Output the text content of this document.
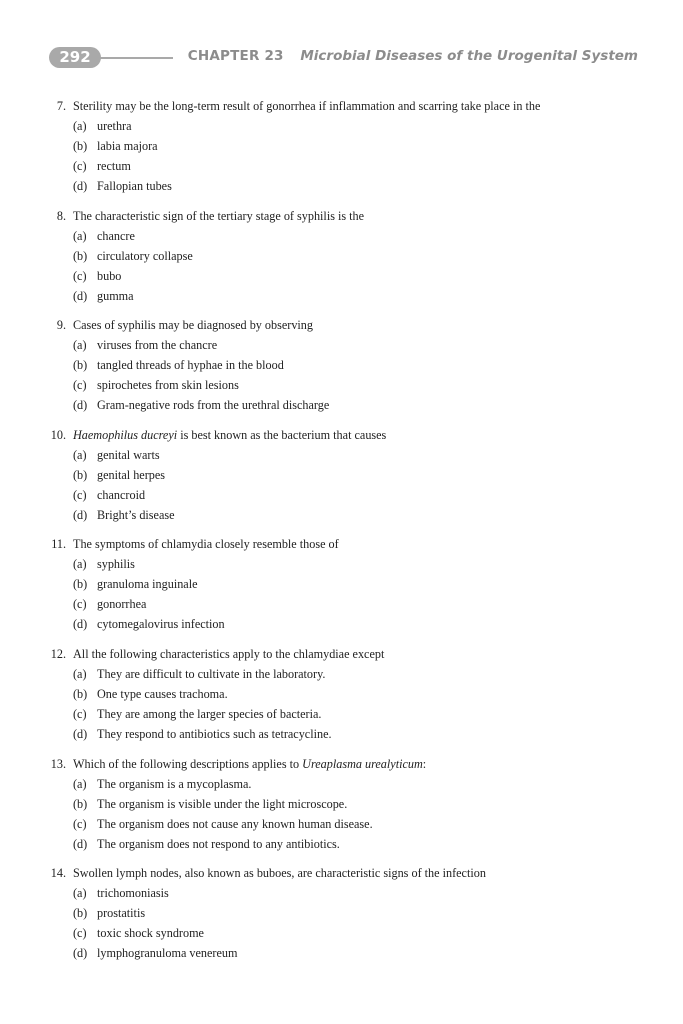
292	CHAPTER 23 Microbial Diseases of the Urogenital System
7. Sterility may be the long-term result of gonorrhea if inflammation and scarring take place in the
(a) urethra
(b) labia majora
(c) rectum
(d) Fallopian tubes
8. The characteristic sign of the tertiary stage of syphilis is the
(a) chancre
(b) circulatory collapse
(c) bubo
(d) gumma
9. Cases of syphilis may be diagnosed by observing
(a) viruses from the chancre
(b) tangled threads of hyphae in the blood
(c) spirochetes from skin lesions
(d) Gram-negative rods from the urethral discharge
10. Haemophilus ducreyi is best known as the bacterium that causes
(a) genital warts
(b) genital herpes
(c) chancroid
(d) Bright’s disease
11. The symptoms of chlamydia closely resemble those of
(a) syphilis
(b) granuloma inguinale
(c) gonorrhea
(d) cytomegalovirus infection
12. All the following characteristics apply to the chlamydiae except
(a) They are difficult to cultivate in the laboratory.
(b) One type causes trachoma.
(c) They are among the larger species of bacteria.
(d) They respond to antibiotics such as tetracycline.
13. Which of the following descriptions applies to Ureaplasma urealyticum:
(a) The organism is a mycoplasma.
(b) The organism is visible under the light microscope.
(c) The organism does not cause any known human disease.
(d) The organism does not respond to any antibiotics.
14. Swollen lymph nodes, also known as buboes, are characteristic signs of the infection
(a) trichomoniasis
(b) prostatitis
(c) toxic shock syndrome
(d) lymphogranuloma venereum
